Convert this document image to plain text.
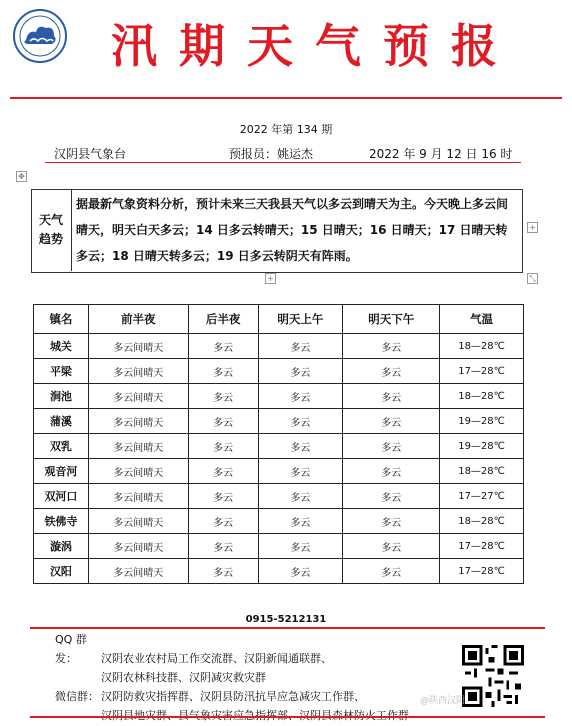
汛期天气预报
2022 年第 134 期
汉阴县气象台	预报员：姚运杰	2022 年 9 月 12 日 16 时
✥
天气
趋势
据最新气象资料分析，预计未来三天我县天气以多云到晴天为主。今天晚上多云间晴天，明天白天多云；14 日多云转晴天；15 日晴天；16 日晴天；17 日晴天转多云；18 日晴天转多云；19 日多云转阴天有阵雨。
+
+	⤡
镇名	前半夜	后半夜	明天上午	明天下午	气温
城关	多云间晴天	多云	多云	多云	18—28℃
平梁	多云间晴天	多云	多云	多云	17—28℃
涧池	多云间晴天	多云	多云	多云	18—28℃
蒲溪	多云间晴天	多云	多云	多云	19—28℃
双乳	多云间晴天	多云	多云	多云	19—28℃
观音河	多云间晴天	多云	多云	多云	18—28℃
双河口	多云间晴天	多云	多云	多云	17—27℃
铁佛寺	多云间晴天	多云	多云	多云	18—28℃
漩涡	多云间晴天	多云	多云	多云	17—28℃
汉阳	多云间晴天	多云	多云	多云	17—28℃
0915-5212131
QQ 群发： 汉阴农业农村局工作交流群、汉阴新闻通联群、
汉阴农林科技群、汉阴减灾救灾群
微信群： 汉阴防救灾指挥群、汉阴县防汛抗旱应急减灾工作群、	@陕西汉阴
